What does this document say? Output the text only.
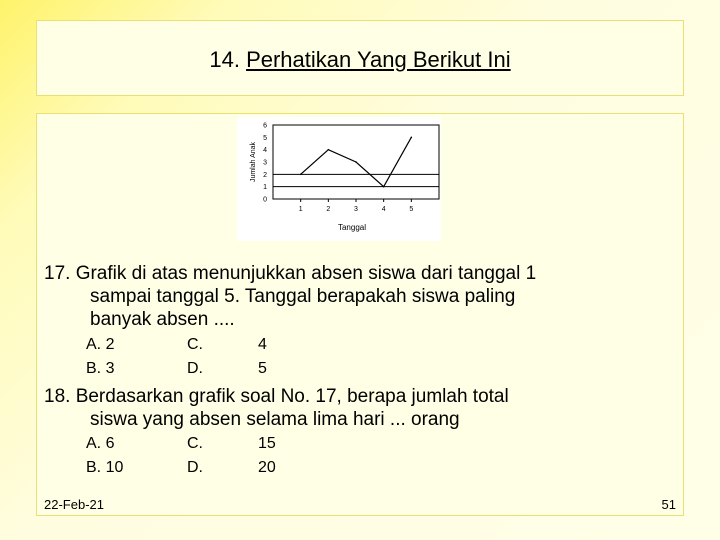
14. Perhatikan Yang Berikut Ini
0
1
2
3
4
5
6
1	2	3	4	5
Tanggal
Jumlah Anak
17. Grafik di atas menunjukkan absen siswa dari tanggal 1
sampai tanggal 5. Tanggal berapakah siswa paling
banyak absen ....
A. 2	C.	4
B. 3	D.	5
18. Berdasarkan grafik soal No. 17, berapa jumlah total
siswa yang absen selama lima hari ... orang
A. 6	C.	15
B. 10	D.	20
22-Feb-21	51
